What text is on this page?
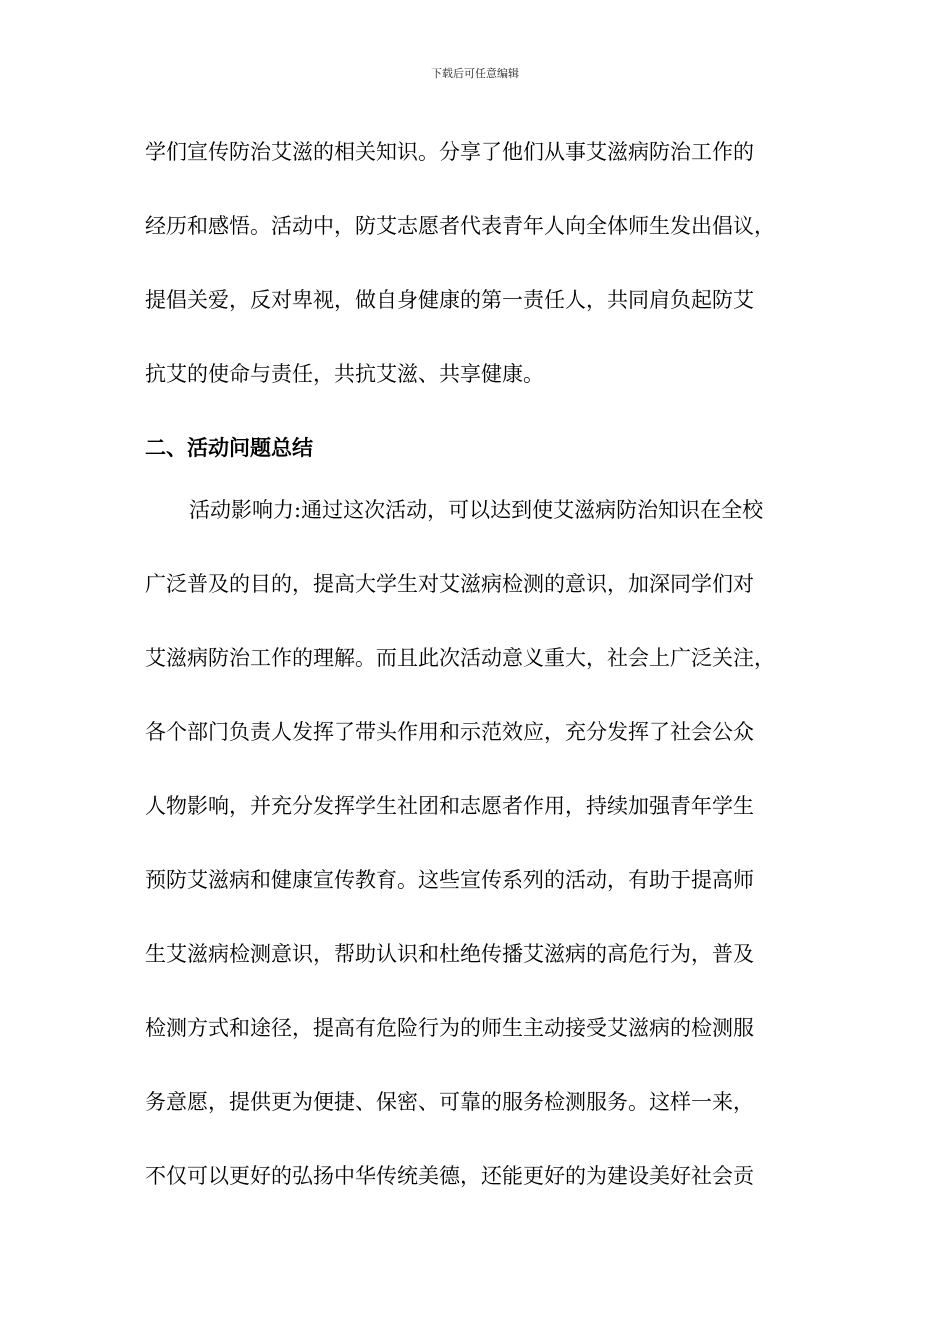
下载后可任意编辑
学们宣传防治艾滋的相关知识。分享了他们从事艾滋病防治工作的
经历和感悟。活动中，防艾志愿者代表青年人向全体师生发出倡议，
提倡关爱，反对卑视，做自身健康的第一责任人，共同肩负起防艾
抗艾的使命与责任，共抗艾滋、共享健康。
二、活动问题总结
活动影响力:通过这次活动，可以达到使艾滋病防治知识在全校
广泛普及的目的，提高大学生对艾滋病检测的意识，加深同学们对
艾滋病防治工作的理解。而且此次活动意义重大，社会上广泛关注，
各个部门负责人发挥了带头作用和示范效应，充分发挥了社会公众
人物影响，并充分发挥学生社团和志愿者作用，持续加强青年学生
预防艾滋病和健康宣传教育。这些宣传系列的活动，有助于提高师
生艾滋病检测意识，帮助认识和杜绝传播艾滋病的高危行为，普及
检测方式和途径，提高有危险行为的师生主动接受艾滋病的检测服
务意愿，提供更为便捷、保密、可靠的服务检测服务。这样一来，
不仅可以更好的弘扬中华传统美德，还能更好的为建设美好社会贡
